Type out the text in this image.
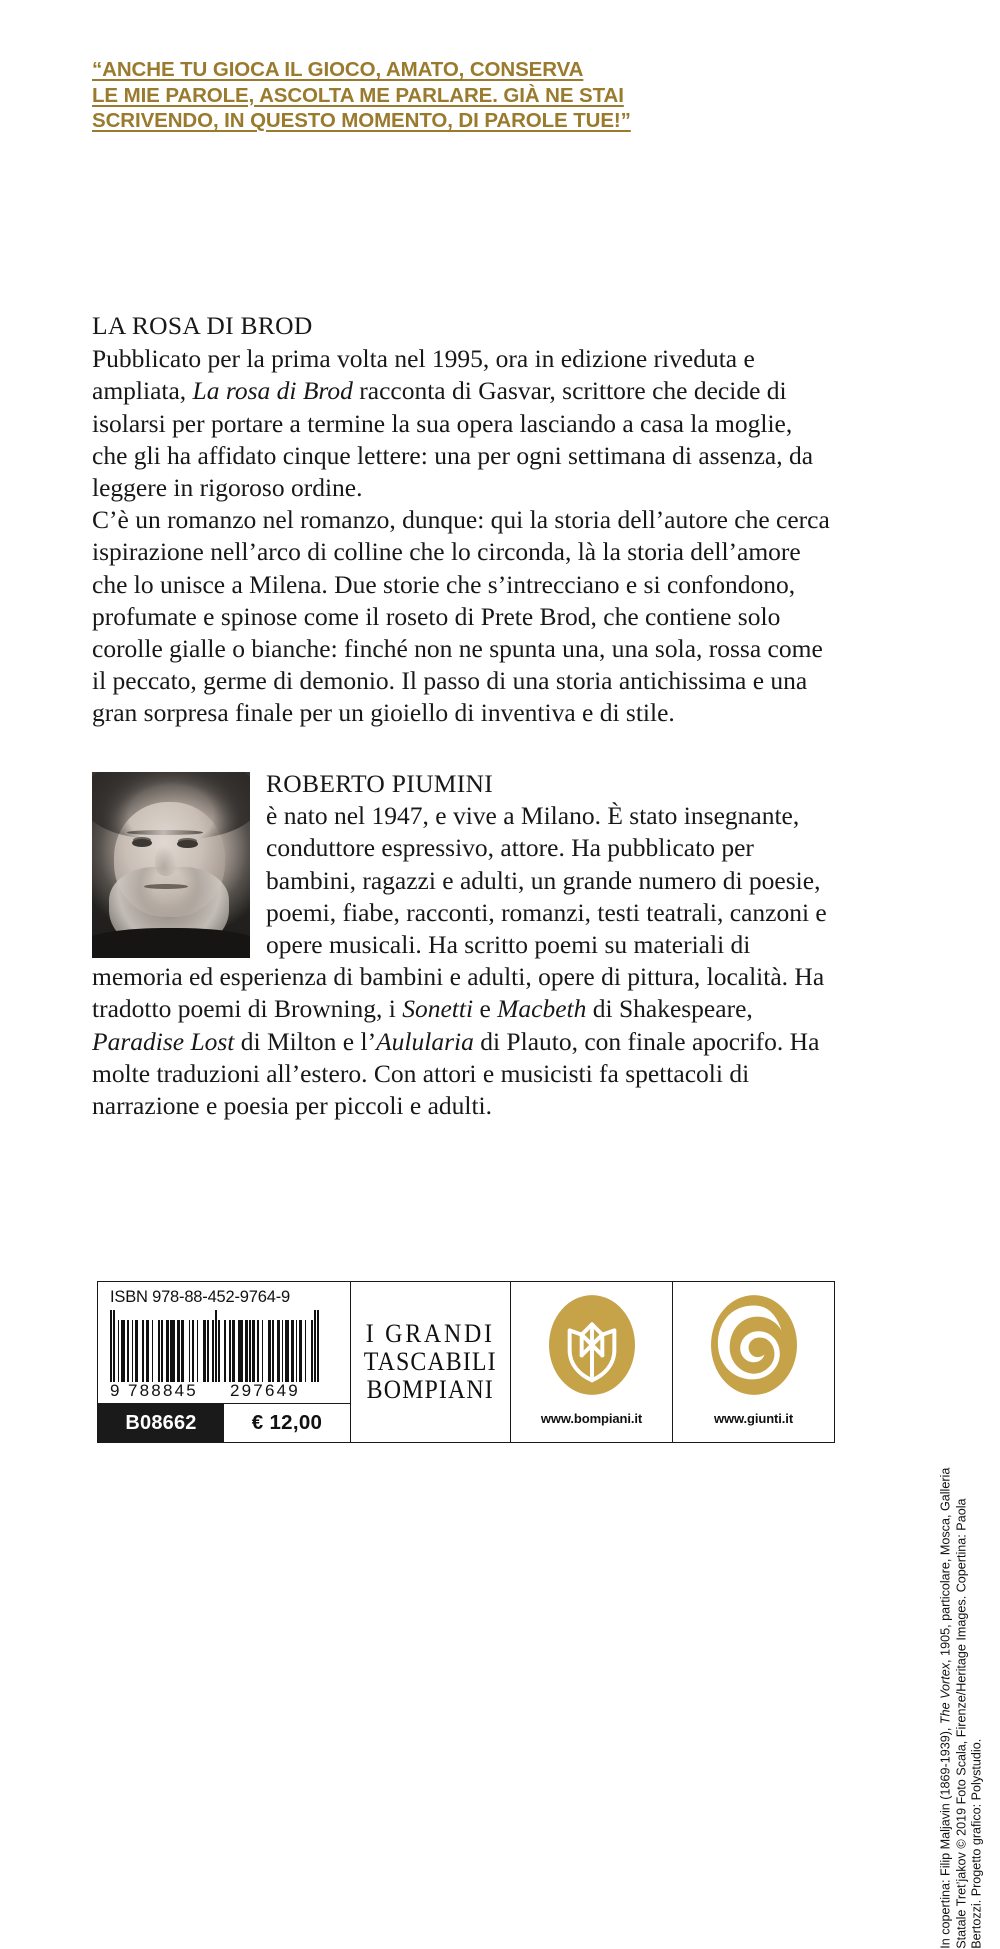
“ANCHE TU GIOCA IL GIOCO, AMATO, CONSERVA
LE MIE PAROLE, ASCOLTA ME PARLARE. GIÀ NE STAI
SCRIVENDO, IN QUESTO MOMENTO, DI PAROLE TUE!”
LA ROSA DI BROD

Pubblicato per la prima volta nel 1995, ora in edizione riveduta e ampliata, La rosa di Brod racconta di Gasvar, scrittore che decide di isolarsi per portare a termine la sua opera lasciando a casa la moglie, che gli ha affidato cinque lettere: una per ogni settimana di assenza, da leggere in rigoroso ordine.

C’è un romanzo nel romanzo, dunque: qui la storia dell’autore che cerca ispirazione nell’arco di colline che lo circonda, là la storia dell’amore che lo unisce a Milena. Due storie che s’intrecciano e si confondono, profumate e spinose come il roseto di Prete Brod, che contiene solo corolle gialle o bianche: finché non ne spunta una, una sola, rossa come il peccato, germe di demonio. Il passo di una storia antichissima e una gran sorpresa finale per un gioiello di inventiva e di stile.

ROBERTO PIUMINI
è nato nel 1947, e vive a Milano. È stato insegnante, conduttore espressivo, attore. Ha pubblicato per bambini, ragazzi e adulti, un grande numero di poesie, poemi, fiabe, racconti, romanzi, testi teatrali, canzoni e opere musicali. Ha scritto poemi su materiali di memoria ed esperienza di bambini e adulti, opere di pittura, località. Ha tradotto poemi di Browning, i Sonetti e Macbeth di Shakespeare, Paradise Lost di Milton e l’Aulularia di Plauto, con finale apocrifo. Ha molte traduzioni all’estero. Con attori e musicisti fa spettacoli di narrazione e poesia per piccoli e adulti.
ISBN 978-88-452-9764-9
9 788845	297649
B08662	€ 12,00
I GRANDI
TASCABILI
BOMPIANI
www.bompiani.it	www.giunti.it
In copertina: Filip Maljavin (1869-1939), The Vortex, 1905, particolare, Mosca, Galleria Statale Tret’jakov © 2019 Foto Scala, Firenze/Heritage Images. Copertina: Paola Bertozzi. Progetto grafico: Polystudio.
